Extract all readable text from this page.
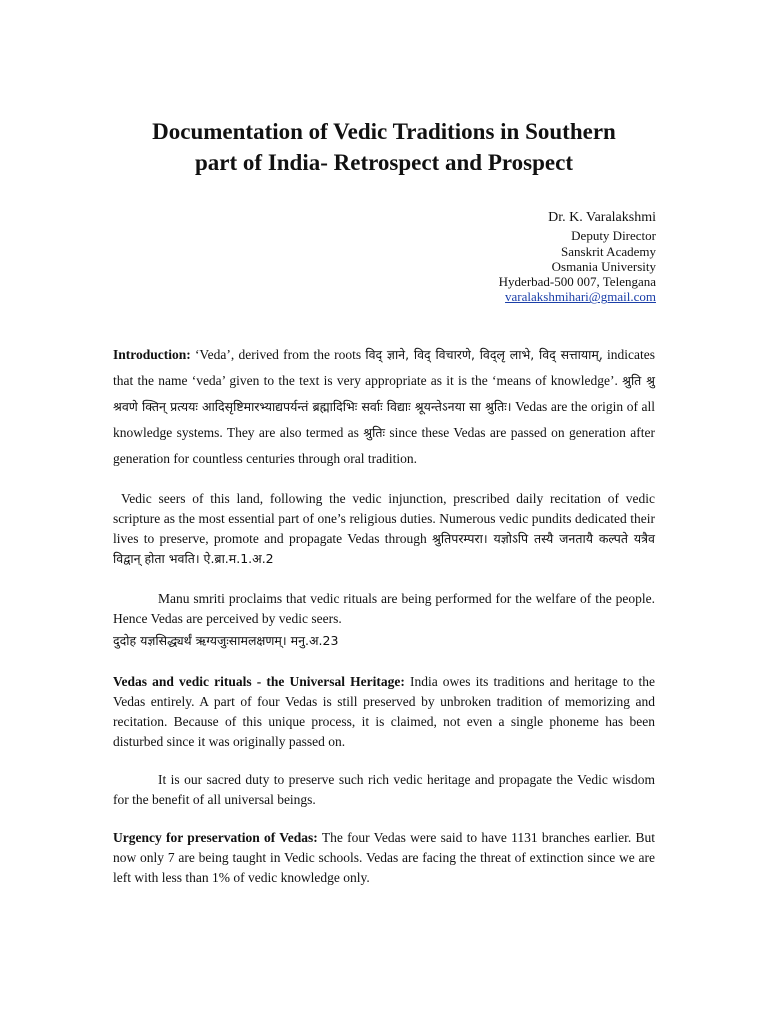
Documentation of Vedic Traditions in Southern
part of India- Retrospect and Prospect
Dr. K. Varalakshmi
Deputy Director
Sanskrit Academy
Osmania University
Hyderbad-500 007, Telengana
varalakshmihari@gmail.com

Introduction: ‘Veda’, derived from the roots विद् ज्ञाने, विद् विचारणे, विद्लृ लाभे, विद् सत्तायाम्, indicates that the name ‘veda’ given to the text is very appropriate as it is the ‘means of knowledge’. श्रुति श्रु श्रवणे क्तिन् प्रत्ययः आदिसृष्टिमारभ्याद्यपर्यन्तं ब्रह्मादिभिः सर्वाः विद्याः श्रूयन्तेऽनया सा श्रुतिः। Vedas are the origin of all knowledge systems. They are also termed as श्रुतिः since these Vedas are passed on generation after generation for countless centuries through oral tradition.

Vedic seers of this land, following the vedic injunction, prescribed daily recitation of vedic scripture as the most essential part of one’s religious duties. Numerous vedic pundits dedicated their lives to preserve, promote and propagate Vedas through श्रुतिपरम्परा। यज्ञोऽपि तस्यै जनतायै कल्पते यत्रैव विद्वान् होता भवति। ऐ.ब्रा.म.1.अ.2

Manu smriti proclaims that vedic rituals are being performed for the welfare of the people. Hence Vedas are perceived by vedic seers.

दुदोह यज्ञसिद्ध्यर्थं ऋग्यजुःसामलक्षणम्। मनु.अ.23

Vedas and vedic rituals - the Universal Heritage: India owes its traditions and heritage to the Vedas entirely. A part of four Vedas is still preserved by unbroken tradition of memorizing and recitation. Because of this unique process, it is claimed, not even a single phoneme has been disturbed since it was originally passed on.

It is our sacred duty to preserve such rich vedic heritage and propagate the Vedic wisdom for the benefit of all universal beings.

Urgency for preservation of Vedas: The four Vedas were said to have 1131 branches earlier. But now only 7 are being taught in Vedic schools. Vedas are facing the threat of extinction since we are left with less than 1% of vedic knowledge only.
